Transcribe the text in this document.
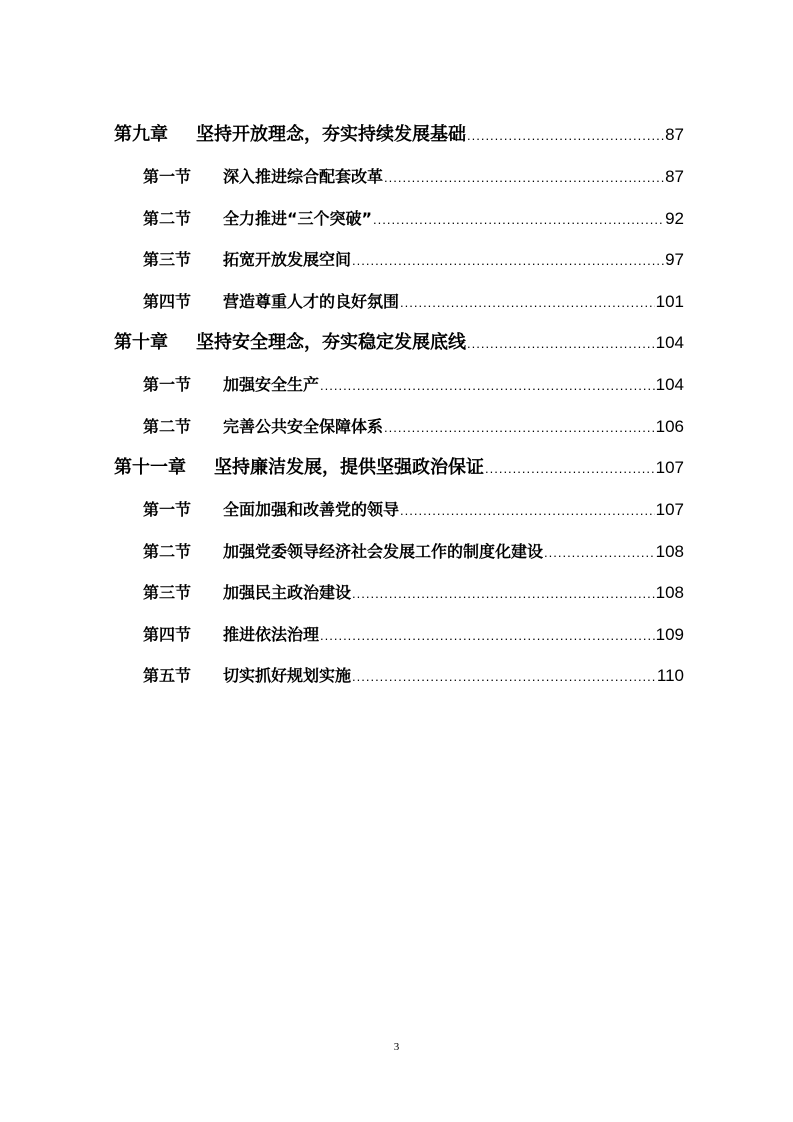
第九章	坚持开放理念，夯实持续发展基础 .....	87
第一节	深入推进综合配套改革 .....	87
第二节	全力推进“三个突破” .....	92
第三节	拓宽开放发展空间 .....	97
第四节	营造尊重人才的良好氛围 .....	101
第十章	坚持安全理念，夯实稳定发展底线 .....	104
第一节	加强安全生产 .....	104
第二节	完善公共安全保障体系 .....	106
第十一章	坚持廉洁发展，提供坚强政治保证 .....	107
第一节	全面加强和改善党的领导 .....	107
第二节	加强党委领导经济社会发展工作的制度化建设 .....	108
第三节	加强民主政治建设 .....	108
第四节	推进依法治理 .....	109
第五节	切实抓好规划实施 .....	110
3
